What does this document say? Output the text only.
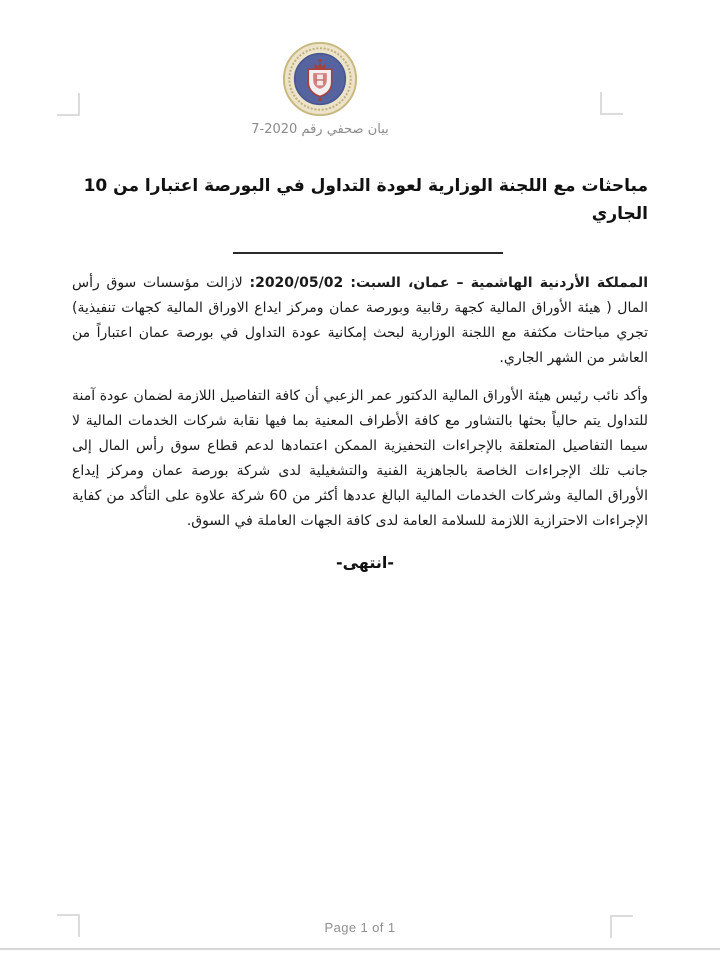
بيان صحفي رقم 2020-7
مباحثات مع اللجنة الوزارية لعودة التداول في البورصة اعتبارا من 10 الجاري

المملكة الأردنية الهاشمية – عمان، السبت: 2020/05/02: لازالت مؤسسات سوق رأس المال ( هيئة الأوراق المالية كجهة رقابية وبورصة عمان ومركز ايداع الاوراق المالية كجهات تنفيذية) تجري مباحثات مكثفة مع اللجنة الوزارية لبحث إمكانية عودة التداول في بورصة عمان اعتباراً من العاشر من الشهر الجاري.

وأكد نائب رئيس هيئة الأوراق المالية الدكتور عمر الزعبي أن كافة التفاصيل اللازمة لضمان عودة آمنة للتداول يتم حالياً بحثها بالتشاور مع كافة الأطراف المعنية بما فيها نقابة شركات الخدمات المالية لا سيما التفاصيل المتعلقة بالإجراءات التحفيزية الممكن اعتمادها لدعم قطاع سوق رأس المال إلى جانب تلك الإجراءات الخاصة بالجاهزية الفنية والتشغيلية لدى شركة بورصة عمان ومركز إيداع الأوراق المالية وشركات الخدمات المالية البالغ عددها أكثر من 60 شركة علاوة على التأكد من كفاية الإجراءات الاحترازية اللازمة للسلامة العامة لدى كافة الجهات العاملة في السوق.

-انتهى-
Page 1 of 1
